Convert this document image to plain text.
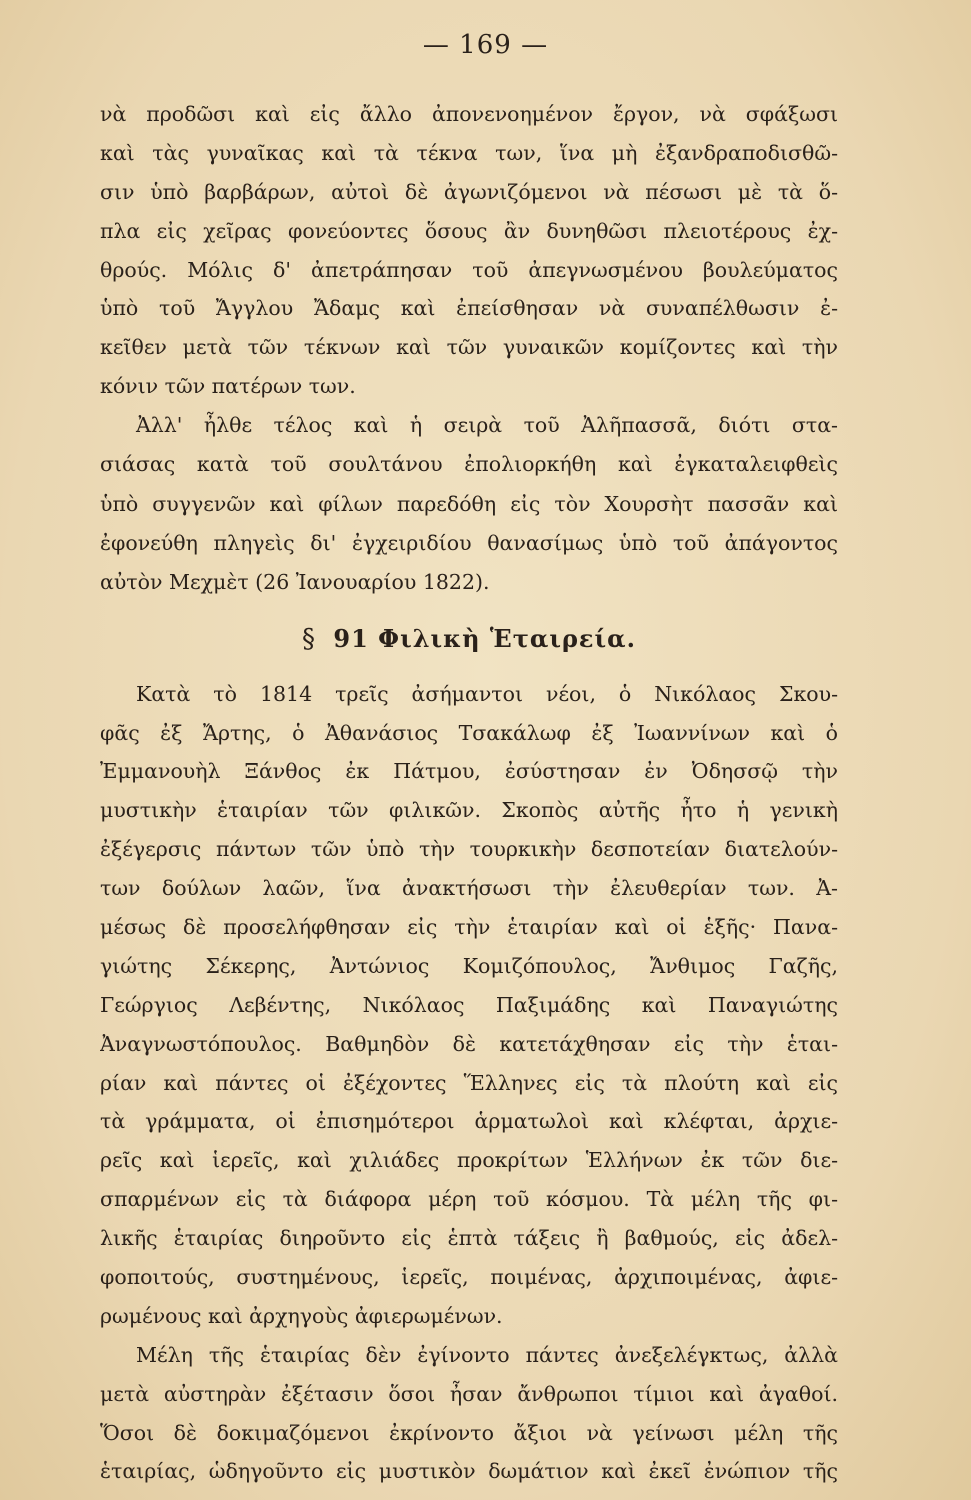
— 169 —
νὰ προδῶσι καὶ εἰς ἄλλο ἀπονενοημένον ἔργον, νὰ σφάξωσι
καὶ τὰς γυναῖκας καὶ τὰ τέκνα των, ἵνα μὴ ἐξανδραποδισθῶ-
σιν ὑπὸ βαρβάρων, αὐτοὶ δὲ ἀγωνιζόμενοι νὰ πέσωσι μὲ τὰ ὅ-
πλα εἰς χεῖρας φονεύοντες ὅσους ἂν δυνηθῶσι πλειοτέρους ἐχ-
θρούς. Μόλις δ' ἀπετράπησαν τοῦ ἀπεγνωσμένου βουλεύματος
ὑπὸ τοῦ Ἄγγλου Ἄδαμς καὶ ἐπείσθησαν νὰ συναπέλθωσιν ἐ-
κεῖθεν μετὰ τῶν τέκνων καὶ τῶν γυναικῶν κομίζοντες καὶ τὴν
κόνιν τῶν πατέρων των.
Ἀλλ' ἦλθε τέλος καὶ ἡ σειρὰ τοῦ Ἀλῆπασσᾶ, διότι στα-
σιάσας κατὰ τοῦ σουλτάνου ἐπολιορκήθη καὶ ἐγκαταλειφθεὶς
ὑπὸ συγγενῶν καὶ φίλων παρεδόθη εἰς τὸν Χουρσὴτ πασσᾶν καὶ
ἐφονεύθη πληγεὶς δι' ἐγχειριδίου θανασίμως ὑπὸ τοῦ ἀπάγοντος
αὐτὸν Μεχμὲτ (26 Ἰανουαρίου 1822).
§ 91 Φιλικὴ Ἑταιρεία.
Κατὰ τὸ 1814 τρεῖς ἀσήμαντοι νέοι, ὁ Νικόλαος Σκου-
φᾶς ἐξ Ἄρτης, ὁ Ἀθανάσιος Τσακάλωφ ἐξ Ἰωαννίνων καὶ ὁ
Ἐμμανουὴλ Ξάνθος ἐκ Πάτμου, ἐσύστησαν ἐν Ὀδησσῷ τὴν
μυστικὴν ἑταιρίαν τῶν φιλικῶν. Σκοπὸς αὐτῆς ἦτο ἡ γενικὴ
ἐξέγερσις πάντων τῶν ὑπὸ τὴν τουρκικὴν δεσποτείαν διατελούν-
των δούλων λαῶν, ἵνα ἀνακτήσωσι τὴν ἐλευθερίαν των. Ἀ-
μέσως δὲ προσελήφθησαν εἰς τὴν ἑταιρίαν καὶ οἱ ἑξῆς· Πανα-
γιώτης Σέκερης, Ἀντώνιος Κομιζόπουλος, Ἄνθιμος Γαζῆς,
Γεώργιος Λεβέντης, Νικόλαος Παξιμάδης καὶ Παναγιώτης
Ἀναγνωστόπουλος. Βαθμηδὸν δὲ κατετάχθησαν εἰς τὴν ἑται-
ρίαν καὶ πάντες οἱ ἐξέχοντες Ἕλληνες εἰς τὰ πλούτη καὶ εἰς
τὰ γράμματα, οἱ ἐπισημότεροι ἁρματωλοὶ καὶ κλέφται, ἀρχιε-
ρεῖς καὶ ἱερεῖς, καὶ χιλιάδες προκρίτων Ἑλλήνων ἐκ τῶν διε-
σπαρμένων εἰς τὰ διάφορα μέρη τοῦ κόσμου. Τὰ μέλη τῆς φι-
λικῆς ἑταιρίας διηροῦντο εἰς ἑπτὰ τάξεις ἢ βαθμούς, εἰς ἀδελ-
φοποιτούς, συστημένους, ἱερεῖς, ποιμένας, ἀρχιποιμένας, ἀφιε-
ρωμένους καὶ ἀρχηγοὺς ἀφιερωμένων.
Μέλη τῆς ἑταιρίας δὲν ἐγίνοντο πάντες ἀνεξελέγκτως, ἀλλὰ
μετὰ αὐστηρὰν ἐξέτασιν ὅσοι ἦσαν ἄνθρωποι τίμιοι καὶ ἀγαθοί.
Ὅσοι δὲ δοκιμαζόμενοι ἐκρίνοντο ἄξιοι νὰ γείνωσι μέλη τῆς
ἑταιρίας, ὡδηγοῦντο εἰς μυστικὸν δωμάτιον καὶ ἐκεῖ ἐνώπιον τῆς
